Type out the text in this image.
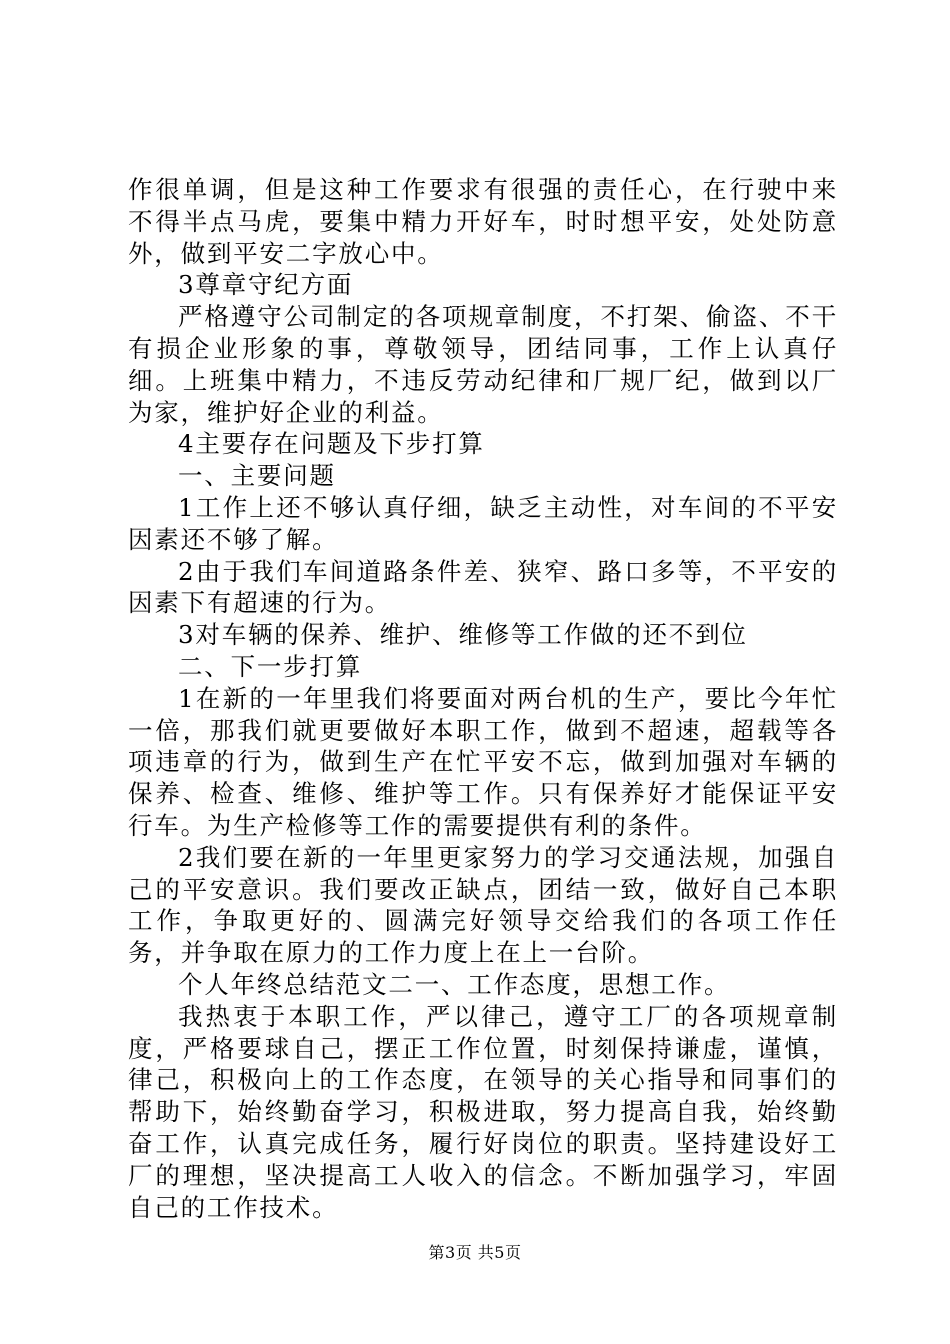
作很单调，但是这种工作要求有很强的责任心，在行驶中来不得半点马虎，要集中精力开好车，时时想平安，处处防意外，做到平安二字放心中。

3尊章守纪方面

严格遵守公司制定的各项规章制度，不打架、偷盗、不干有损企业形象的事，尊敬领导，团结同事，工作上认真仔细。上班集中精力，不违反劳动纪律和厂规厂纪，做到以厂为家，维护好企业的利益。

4主要存在问题及下步打算

一、主要问题

1工作上还不够认真仔细，缺乏主动性，对车间的不平安因素还不够了解。

2由于我们车间道路条件差、狭窄、路口多等，不平安的因素下有超速的行为。

3对车辆的保养、维护、维修等工作做的还不到位

二、下一步打算

1在新的一年里我们将要面对两台机的生产，要比今年忙一倍，那我们就更要做好本职工作，做到不超速，超载等各项违章的行为，做到生产在忙平安不忘，做到加强对车辆的保养、检查、维修、维护等工作。只有保养好才能保证平安行车。为生产检修等工作的需要提供有利的条件。

2我们要在新的一年里更家努力的学习交通法规，加强自己的平安意识。我们要改正缺点，团结一致，做好自己本职工作，争取更好的、圆满完好领导交给我们的各项工作任务，并争取在原力的工作力度上在上一台阶。

个人年终总结范文二一、工作态度，思想工作。

我热衷于本职工作，严以律己，遵守工厂的各项规章制度，严格要球自己，摆正工作位置，时刻保持谦虚，谨慎，律己，积极向上的工作态度，在领导的关心指导和同事们的帮助下，始终勤奋学习，积极进取，努力提高自我，始终勤奋工作，认真完成任务，履行好岗位的职责。坚持建设好工厂的理想，坚决提高工人收入的信念。不断加强学习，牢固自己的工作技术。

第3页 共5页
